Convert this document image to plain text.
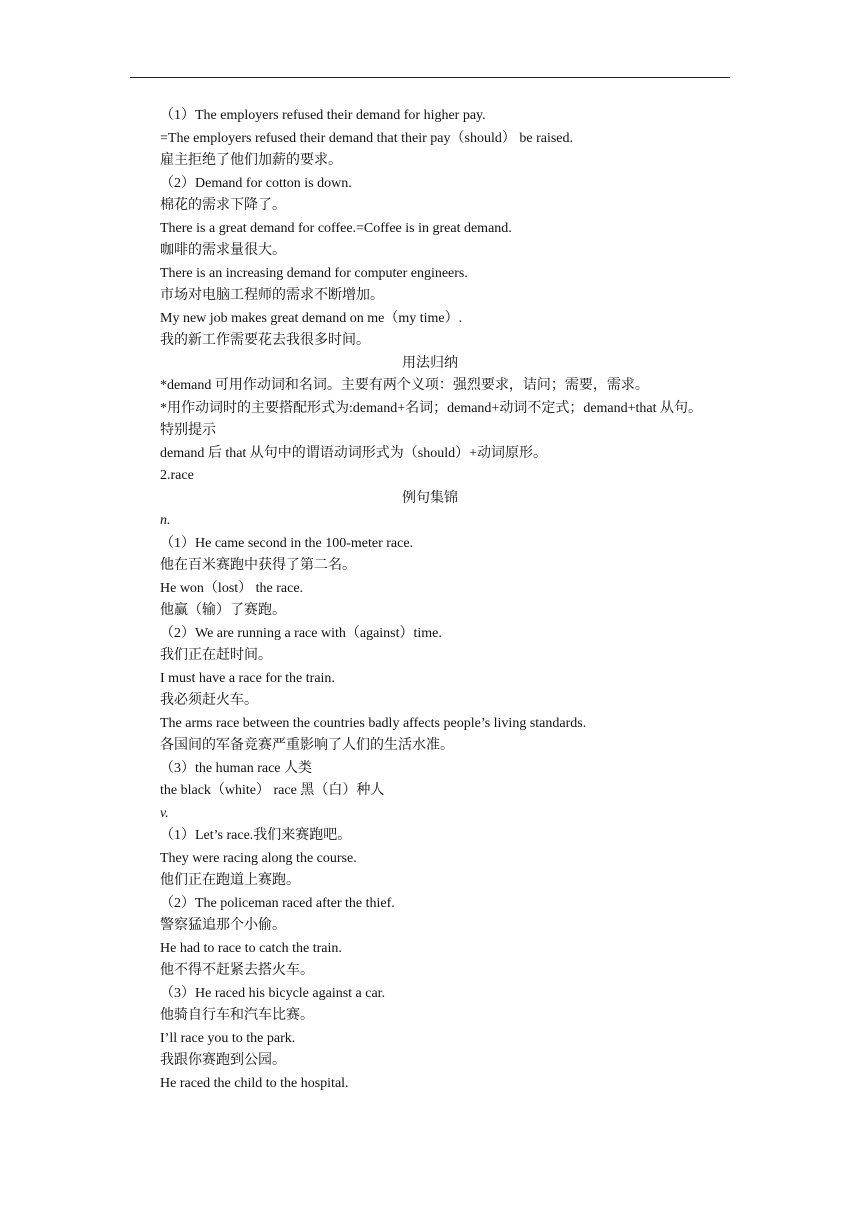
（1）The employers refused their demand for higher pay.
=The employers refused their demand that their pay（should） be raised.
雇主拒绝了他们加薪的要求。
（2）Demand for cotton is down.
棉花的需求下降了。
There is a great demand for coffee.=Coffee is in great demand.
咖啡的需求量很大。
There is an increasing demand for computer engineers.
市场对电脑工程师的需求不断增加。
My new job makes great demand on me（my time）.
我的新工作需要花去我很多时间。
用法归纳
*demand 可用作动词和名词。主要有两个义项：强烈要求，诘问；需要，需求。
*用作动词时的主要搭配形式为:demand+名词；demand+动词不定式；demand+that 从句。
特别提示
demand 后 that 从句中的谓语动词形式为（should）+动词原形。
2.race
例句集锦
n.
（1）He came second in the 100-meter race.
他在百米赛跑中获得了第二名。
He won（lost） the race.
他赢（输）了赛跑。
（2）We are running a race with（against）time.
我们正在赶时间。
I must have a race for the train.
我必须赶火车。
The arms race between the countries badly affects people’s living standards.
各国间的军备竞赛严重影响了人们的生活水准。
（3）the human race 人类
the black（white） race 黑（白）种人
v.
（1）Let’s race.我们来赛跑吧。
They were racing along the course.
他们正在跑道上赛跑。
（2）The policeman raced after the thief.
警察猛追那个小偷。
He had to race to catch the train.
他不得不赶紧去搭火车。
（3）He raced his bicycle against a car.
他骑自行车和汽车比赛。
I’ll race you to the park.
我跟你赛跑到公园。
He raced the child to the hospital.
